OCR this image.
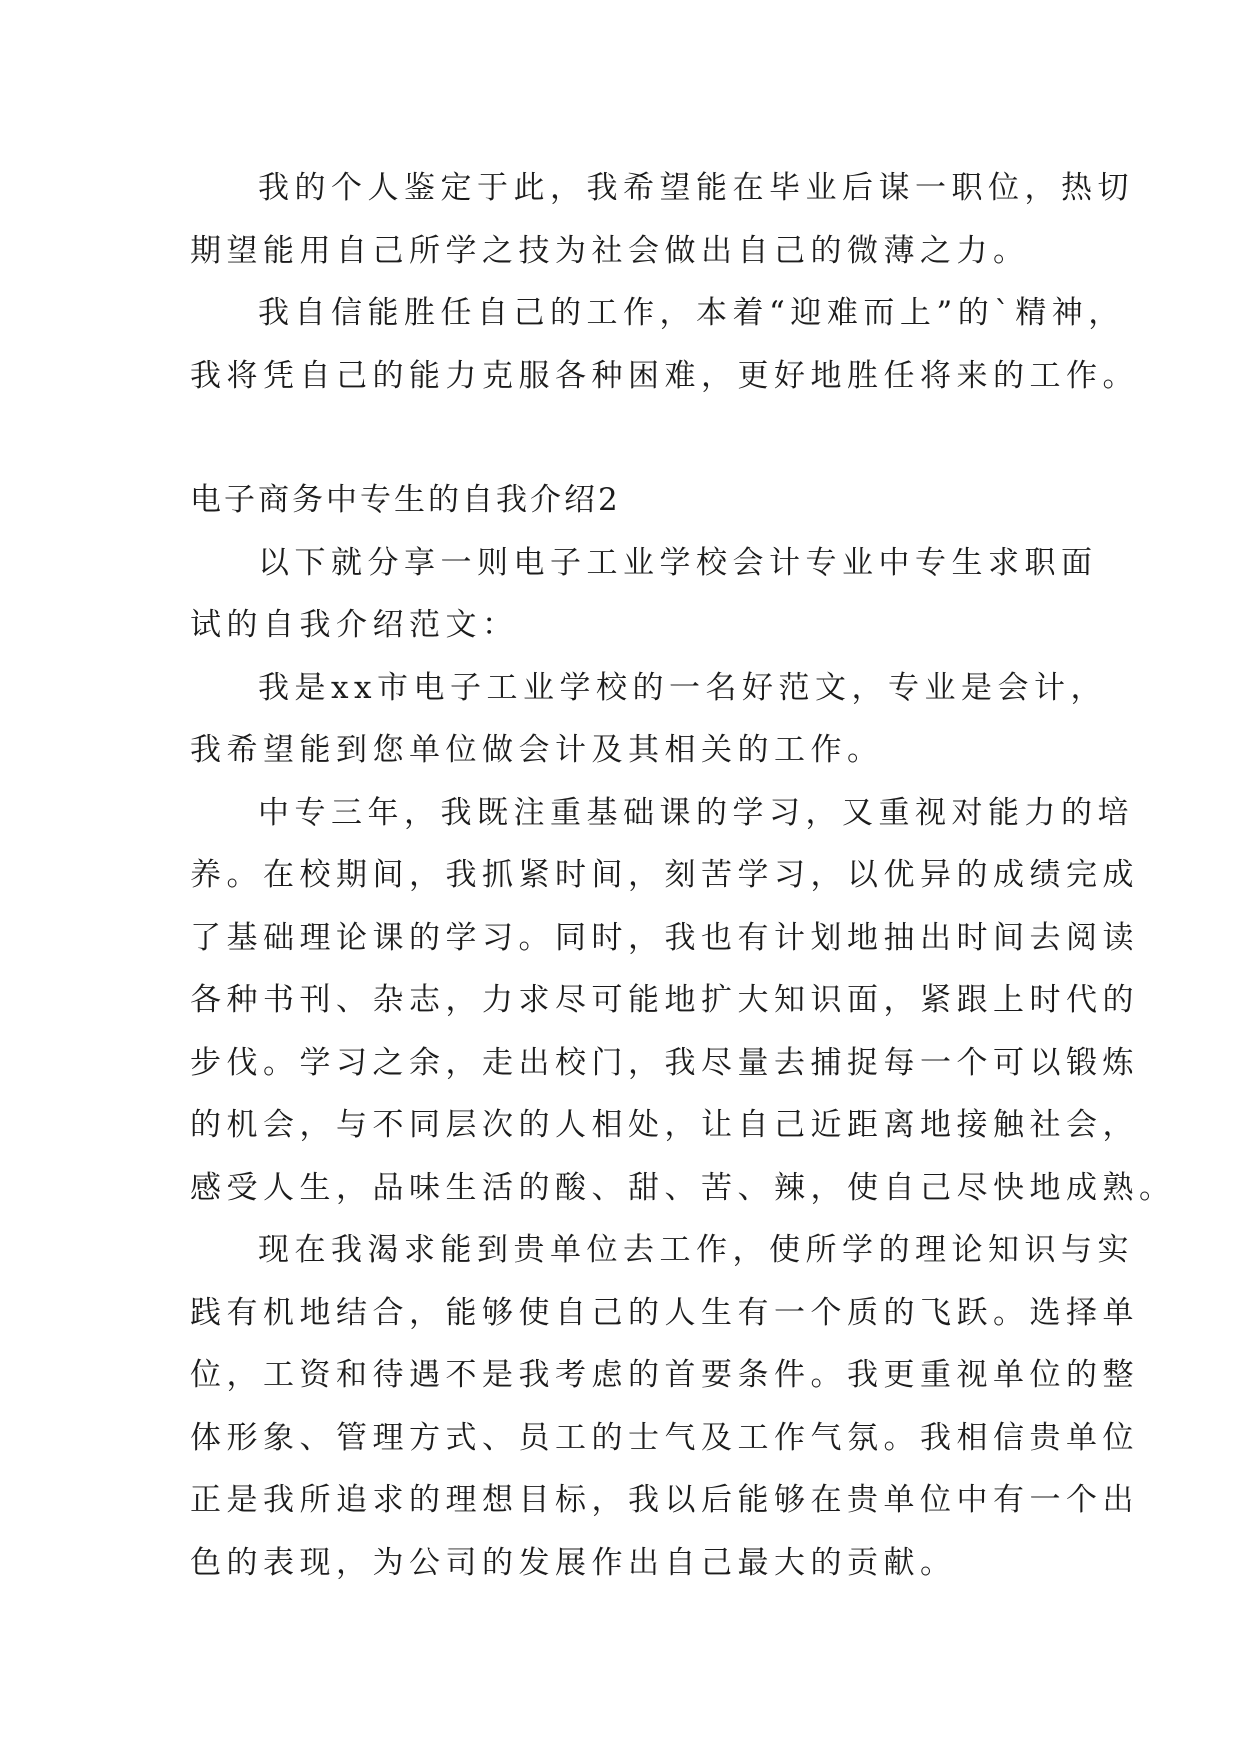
我的个人鉴定于此，我希望能在毕业后谋一职位，热切
期望能用自己所学之技为社会做出自己的微薄之力。
我自信能胜任自己的工作，本着“迎难而上”的`精神，
我将凭自己的能力克服各种困难，更好地胜任将来的工作。
电子商务中专生的自我介绍2
以下就分享一则电子工业学校会计专业中专生求职面
试的自我介绍范文：
我是xx市电子工业学校的一名好范文，专业是会计，
我希望能到您单位做会计及其相关的工作。
中专三年，我既注重基础课的学习，又重视对能力的培
养。在校期间，我抓紧时间，刻苦学习，以优异的成绩完成
了基础理论课的学习。同时，我也有计划地抽出时间去阅读
各种书刊、杂志，力求尽可能地扩大知识面，紧跟上时代的
步伐。学习之余，走出校门，我尽量去捕捉每一个可以锻炼
的机会，与不同层次的人相处，让自己近距离地接触社会，
感受人生，品味生活的酸、甜、苦、辣，使自己尽快地成熟。
现在我渴求能到贵单位去工作，使所学的理论知识与实
践有机地结合，能够使自己的人生有一个质的飞跃。选择单
位，工资和待遇不是我考虑的首要条件。我更重视单位的整
体形象、管理方式、员工的士气及工作气氛。我相信贵单位
正是我所追求的理想目标，我以后能够在贵单位中有一个出
色的表现，为公司的发展作出自己最大的贡献。
